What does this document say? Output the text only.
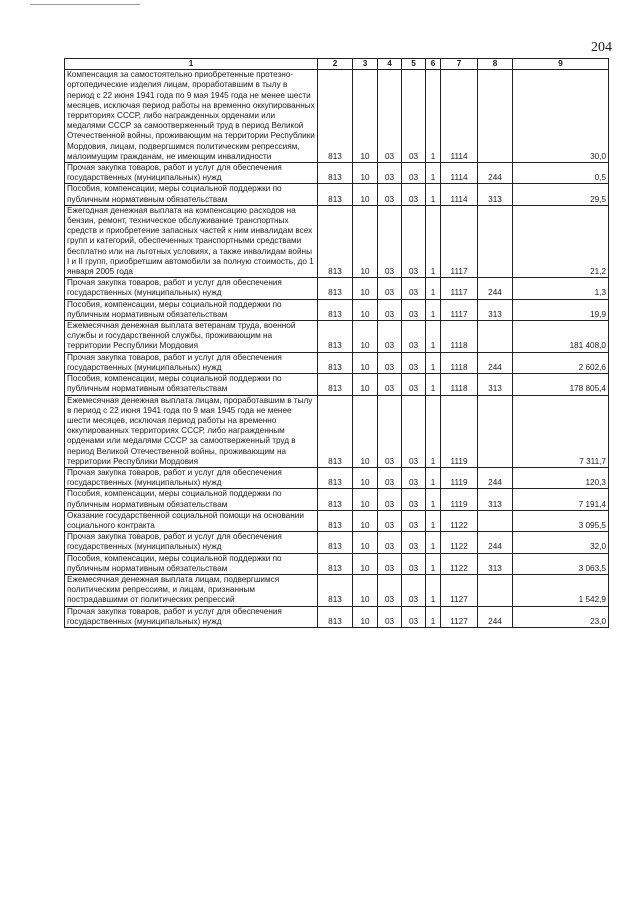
204
1	2	3	4	5	6	7	8	9
Компенсация за самостоятельно приобретенные протезно-ортопедические изделия лицам, проработавшим в тылу в период с 22 июня 1941 года по 9 мая 1945 года не менее шести месяцев, исключая период работы на временно оккупированных территориях СССР, либо награжденных орденами или медалями СССР за самоотверженный труд в период Великой Отечественной войны, проживающим на территории Республики Мордовия, лицам, подвергшимся политическим репрессиям, малоимущим гражданам, не имеющим инвалидности	813	10	03	03	1	1114		30,0
Прочая закупка товаров, работ и услуг для обеспечения государственных (муниципальных) нужд	813	10	03	03	1	1114	244	0,5
Пособия, компенсации, меры социальной поддержки по публичным нормативным обязательствам	813	10	03	03	1	1114	313	29,5
Ежегодная денежная выплата на компенсацию расходов на бензин, ремонт, техническое обслуживание транспортных средств и приобретение запасных частей к ним инвалидам всех групп и категорий, обеспеченных транспортными средствами бесплатно или на льготных условиях, а также инвалидам войны I и II групп, приобретшим автомобили за полную стоимость, до 1 января 2005 года	813	10	03	03	1	1117		21,2
Прочая закупка товаров, работ и услуг для обеспечения государственных (муниципальных) нужд	813	10	03	03	1	1117	244	1,3
Пособия, компенсации, меры социальной поддержки по публичным нормативным обязательствам	813	10	03	03	1	1117	313	19,9
Ежемесячная денежная выплата ветеранам труда, военной службы и государственной службы, проживающим на территории Республики Мордовия	813	10	03	03	1	1118		181 408,0
Прочая закупка товаров, работ и услуг для обеспечения государственных (муниципальных) нужд	813	10	03	03	1	1118	244	2 602,6
Пособия, компенсации, меры социальной поддержки по публичным нормативным обязательствам	813	10	03	03	1	1118	313	178 805,4
Ежемесячная денежная выплата лицам, проработавшим в тылу в период с 22 июня 1941 года по 9 мая 1945 года не менее шести месяцев, исключая период работы на временно оккупированных территориях СССР, либо награжденным орденами или медалями СССР за самоотверженный труд в период Великой Отечественной войны, проживающим на территории Республики Мордовия	813	10	03	03	1	1119		7 311,7
Прочая закупка товаров, работ и услуг для обеспечения государственных (муниципальных) нужд	813	10	03	03	1	1119	244	120,3
Пособия, компенсации, меры социальной поддержки по публичным нормативным обязательствам	813	10	03	03	1	1119	313	7 191,4
Оказание государственной социальной помощи на основании социального контракта	813	10	03	03	1	1122		3 095,5
Прочая закупка товаров, работ и услуг для обеспечения государственных (муниципальных) нужд	813	10	03	03	1	1122	244	32,0
Пособия, компенсации, меры социальной поддержки по публичным нормативным обязательствам	813	10	03	03	1	1122	313	3 063,5
Ежемесячная денежная выплата лицам, подвергшимся политическим репрессиям, и лицам, признанным пострадавшими от политических репрессий	813	10	03	03	1	1127		1 542,9
Прочая закупка товаров, работ и услуг для обеспечения государственных (муниципальных) нужд	813	10	03	03	1	1127	244	23,0
